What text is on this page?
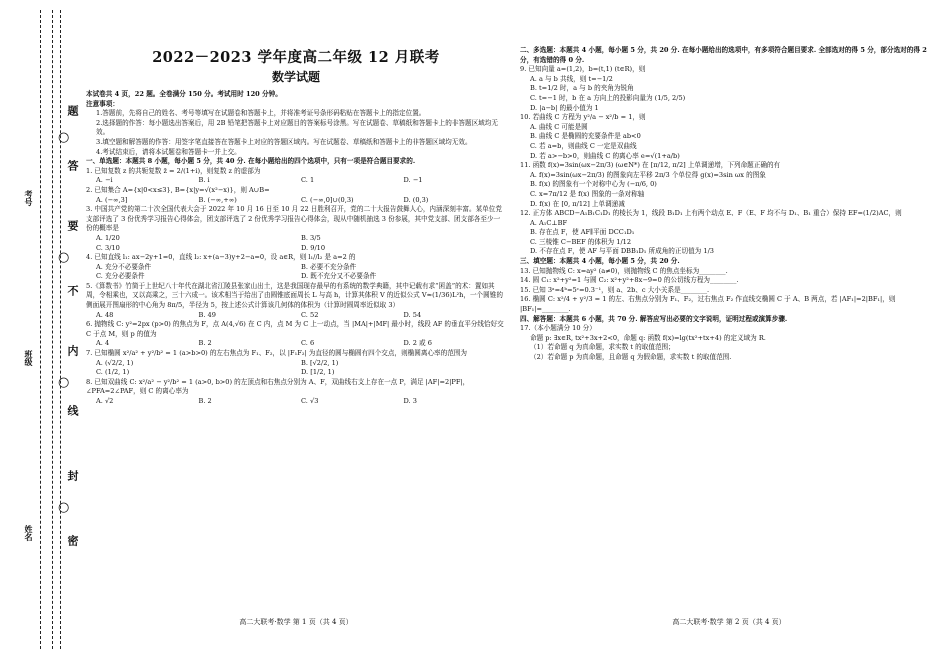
题
答
要
不
内
线
封
密
○
○
○
○
姓名
班级
考号
2022－2023 学年度高二年级 12 月联考
数学试题

本试卷共 4 页，22 题。全卷满分 150 分。考试用时 120 分钟。

注意事项：

1.答题前，先将自己的姓名、考号等填写在试题卷和答题卡上，并将准考证号条形码粘贴在答题卡上的指定位置。

2.选择题的作答：每小题选出答案后，用 2B 铅笔把答题卡上对应题目的答案标号涂黑。写在试题卷、草稿纸和答题卡上的非答题区域均无效。

3.填空题和解答题的作答：用签字笔直接答在答题卡上对应的答题区域内。写在试题卷、草稿纸和答题卡上的非答题区域均无效。

4.考试结束后，请将本试题卷和答题卡一并上交。

一、单选题：本题共 8 小题，每小题 5 分，共 40 分. 在每小题给出的四个选项中，只有一项是符合题目要求的.

1. 已知复数 z 的共轭复数 z̄ = 2/(1+i)，则复数 z 的虚部为

A. −i	B. i	C. 1	D. −1

2. 已知集合 A={x|0<x≤3}, B={x|y=√(x²−x)}，则 A∪B=

A. (−∞,3]	B. (−∞,+∞)	C. (−∞,0]∪(0,3)	D. (0,3)

3. 中国共产党的第二十次全国代表大会于 2022 年 10 月 16 日至 10 月 22 日胜利召开，党的二十大报告鼓舞人心，内涵深刻丰富。某单位党支部评选了 3 份优秀学习报告心得体会，团支部评选了 2 份优秀学习报告心得体会，现从中随机抽选 3 份参展，其中党支部、团支部各至少一份的概率是

A. 1/20	B. 3/5
C. 3/10	D. 9/10

4. 已知直线 l₁: ax−2y+1=0，直线 l₂: x+(a−3)y+2−a=0，设 a∈R，则 l₁//l₂ 是 a=2 的

A. 充分不必要条件	B. 必要不充分条件
C. 充分必要条件	D. 既不充分又不必要条件

5.《算数书》竹简于上世纪八十年代在湖北省江陵县张家山出土，这是我国现存最早的有系统的数学典籍，其中记载有求“囷盖”的术：置如其周，令相乘也，又以高乘之，三十六成一。该术相当于给出了由圆锥底面周长 L 与高 h，计算其体积 V 的近似公式 V≈(1/36)L²h，一个圆锥的侧面展开图扇形的中心角为 8π/5，半径为 5，按上述公式计算该几何体的体积为（计算时圆周率近似取 3）

A. 48	B. 49	C. 52	D. 54

6. 抛物线 C: y²=2px (p>0) 的焦点为 F，点 A(4,√6) 在 C 内，点 M 为 C 上一动点，当 |MA|+|MF| 最小时，线段 AF 的垂直平分线恰好交 C 于点 M，则 p 的值为

A. 4	B. 2	C. 6	D. 2 或 6

7. 已知椭圆 x²/a² + y²/b² = 1 (a>b>0) 的左右焦点为 F₁、F₂，以 |F₁F₂| 为直径的圆与椭圆有四个交点，则椭圆离心率的范围为

A. (√2/2, 1)	B. [√2/2, 1)
C. (1/2, 1)	D. [1/2, 1)

8. 已知双曲线 C: x²/a² − y²/b² = 1 (a>0, b>0) 的左顶点和右焦点分别为 A、F，双曲线右支上存在一点 P，满足 |AF|=2|PF|，∠PFA=2∠PAF，则 C 的离心率为

A. √2	B. 2	C. √3	D. 3

二、多选题：本题共 4 小题，每小题 5 分，共 20 分. 在每小题给出的选项中，有多项符合题目要求. 全部选对的得 5 分，部分选对的得 2 分，有选错的得 0 分.

9. 已知向量 a=(1,2)，b=(t,1) (t∈R)，则

A. a 与 b 共线，则 t=−1/2

B. t=1/2 时，a 与 b 的夹角为锐角

C. t=−1 时，b 在 a 方向上的投影向量为 (1/5, 2/5)

D. |a−b| 的最小值为 1

10. 若曲线 C 方程为 y²/a − x²/b = 1，则

A. 曲线 C 可能是圆

B. 曲线 C 是椭圆的充要条件是 ab<0

C. 若 a=b，则曲线 C 一定是双曲线

D. 若 a>−b>0，则曲线 C 的离心率 e=√(1+a/b)

11. 函数 f(x)=3sin(ωx−2π/3) (ω∈N*) 在 [π/12, π/2] 上单调递增，下列命题正确的有

A. f(x)=3sin(ωx−2π/3) 的图象向左平移 2π/3 个单位得 g(x)=3sin ωx 的图象

B. f(x) 的图象有一个对称中心为 (−π/6, 0)

C. x=7π/12 是 f(x) 图象的一条对称轴

D. f(x) 在 [0, π/12] 上单调递减

12. 正方体 ABCD−A₁B₁C₁D₁ 的棱长为 1，线段 B₁D₁ 上有两个动点 E、F（E、F 均不与 D₁、B₁ 重合）保持 EF=(1/2)AC，则

A. A₁C⊥BF

B. 存在点 F，使 AF∥平面 DCC₁D₁

C. 三棱锥 C−BEF 的体积为 1/12

D. 不存在点 F，使 AF 与平面 DBB₁D₁ 所成角的正切值为 1/3

三、填空题：本题共 4 小题，每小题 5 分，共 20 分.

13. 已知抛物线 C: x=ay² (a≠0)，则抛物线 C 的焦点坐标为________.

14. 圆 C₁: x²+y²=1 与圆 C₂: x²+y²+8x−9=0 的公切线方程为________.

15. 已知 3ᵃ=4ᵇ=5ᶜ=0.3⁻¹，则 a、2b、c 大小关系是________.

16. 椭圆 C: x²/4 + y²/3 = 1 的左、右焦点分别为 F₁、F₂，过右焦点 F₂ 作直线交椭圆 C 于 A、B 两点，若 |AF₁|=2|BF₁|，则 |BF₁|=________.

四、解答题：本题共 6 小题，共 70 分. 解答应写出必要的文字说明，证明过程或演算步骤.

17.（本小题满分 10 分）

命题 p: ∃x∈R, tx²+3x+2<0，命题 q: 函数 f(x)=lg(tx²+tx+4) 的定义域为 R.

（1）若命题 q 为真命题，求实数 t 的取值范围；

（2）若命题 p 为真命题，且命题 q 为假命题，求实数 t 的取值范围.

高二大联考·数学 第 1 页（共 4 页）	高二大联考·数学 第 2 页（共 4 页）
